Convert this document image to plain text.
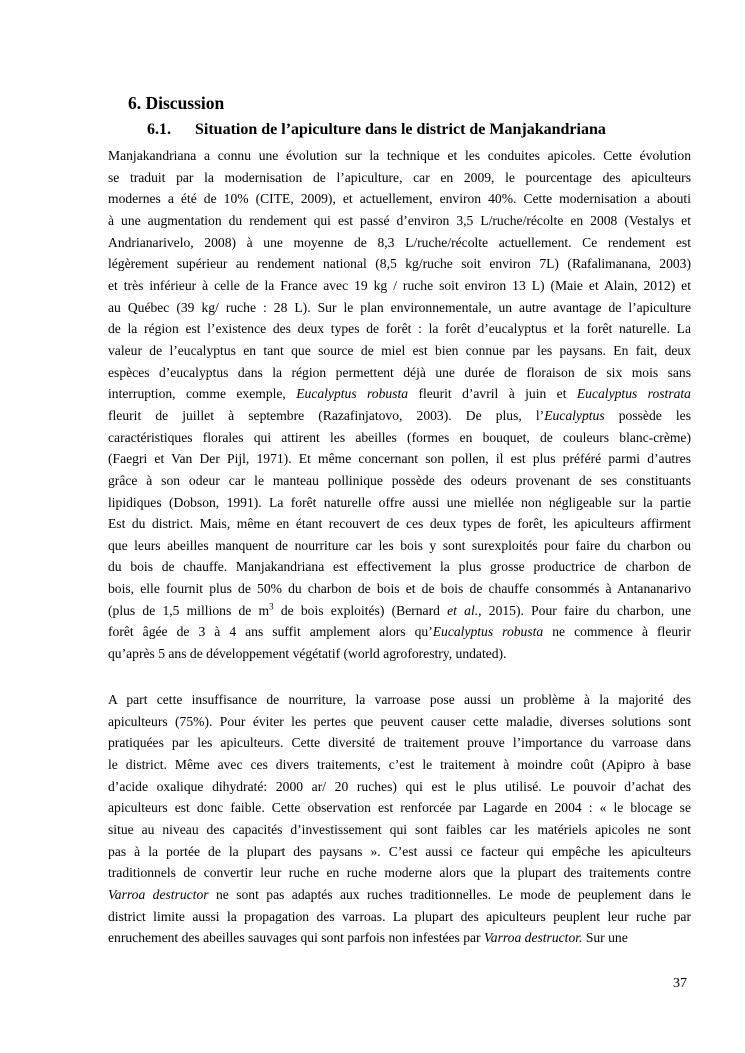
6. Discussion
6.1. Situation de l’apiculture dans le district de Manjakandriana
Manjakandriana a connu une évolution sur la technique et les conduites apicoles. Cette évolution
se traduit par la modernisation de l’apiculture, car en 2009, le pourcentage des apiculteurs
modernes a été de 10% (CITE, 2009), et actuellement, environ 40%. Cette modernisation a abouti
à une augmentation du rendement qui est passé d’environ 3,5 L/ruche/récolte en 2008 (Vestalys et
Andrianarivelo, 2008) à une moyenne de 8,3 L/ruche/récolte actuellement. Ce rendement est
légèrement supérieur au rendement national (8,5 kg/ruche soit environ 7L) (Rafalimanana, 2003)
et très inférieur à celle de la France avec 19 kg / ruche soit environ 13 L) (Maie et Alain, 2012) et
au Québec (39 kg/ ruche : 28 L). Sur le plan environnementale, un autre avantage de l’apiculture
de la région est l’existence des deux types de forêt : la forêt d’eucalyptus et la forêt naturelle. La
valeur de l’eucalyptus en tant que source de miel est bien connue par les paysans. En fait, deux
espèces d’eucalyptus dans la région permettent déjà une durée de floraison de six mois sans
interruption, comme exemple, Eucalyptus robusta fleurit d’avril à juin et Eucalyptus rostrata
fleurit de juillet à septembre (Razafinjatovo, 2003). De plus, l’Eucalyptus possède les
caractéristiques florales qui attirent les abeilles (formes en bouquet, de couleurs blanc-crème)
(Faegri et Van Der Pijl, 1971). Et même concernant son pollen, il est plus préféré parmi d’autres
grâce à son odeur car le manteau pollinique possède des odeurs provenant de ses constituants
lipidiques (Dobson, 1991). La forêt naturelle offre aussi une miellée non négligeable sur la partie
Est du district. Mais, même en étant recouvert de ces deux types de forêt, les apiculteurs affirment
que leurs abeilles manquent de nourriture car les bois y sont surexploités pour faire du charbon ou
du bois de chauffe. Manjakandriana est effectivement la plus grosse productrice de charbon de
bois, elle fournit plus de 50% du charbon de bois et de bois de chauffe consommés à Antananarivo
(plus de 1,5 millions de $m^3$ de bois exploités) (Bernard et al., 2015). Pour faire du charbon, une
forêt âgée de 3 à 4 ans suffit amplement alors qu’Eucalyptus robusta ne commence à fleurir
qu’après 5 ans de développement végétatif (world agroforestry, undated).
A part cette insuffisance de nourriture, la varroase pose aussi un problème à la majorité des
apiculteurs (75%). Pour éviter les pertes que peuvent causer cette maladie, diverses solutions sont
pratiquées par les apiculteurs. Cette diversité de traitement prouve l’importance du varroase dans
le district. Même avec ces divers traitements, c’est le traitement à moindre coût (Apipro à base
d’acide oxalique dihydraté: 2000 ar/ 20 ruches) qui est le plus utilisé. Le pouvoir d’achat des
apiculteurs est donc faible. Cette observation est renforcée par Lagarde en 2004 : « le blocage se
situe au niveau des capacités d’investissement qui sont faibles car les matériels apicoles ne sont
pas à la portée de la plupart des paysans ». C’est aussi ce facteur qui empêche les apiculteurs
traditionnels de convertir leur ruche en ruche moderne alors que la plupart des traitements contre
Varroa destructor ne sont pas adaptés aux ruches traditionnelles. Le mode de peuplement dans le
district limite aussi la propagation des varroas. La plupart des apiculteurs peuplent leur ruche par
enruchement des abeilles sauvages qui sont parfois non infestées par Varroa destructor. Sur une
37
